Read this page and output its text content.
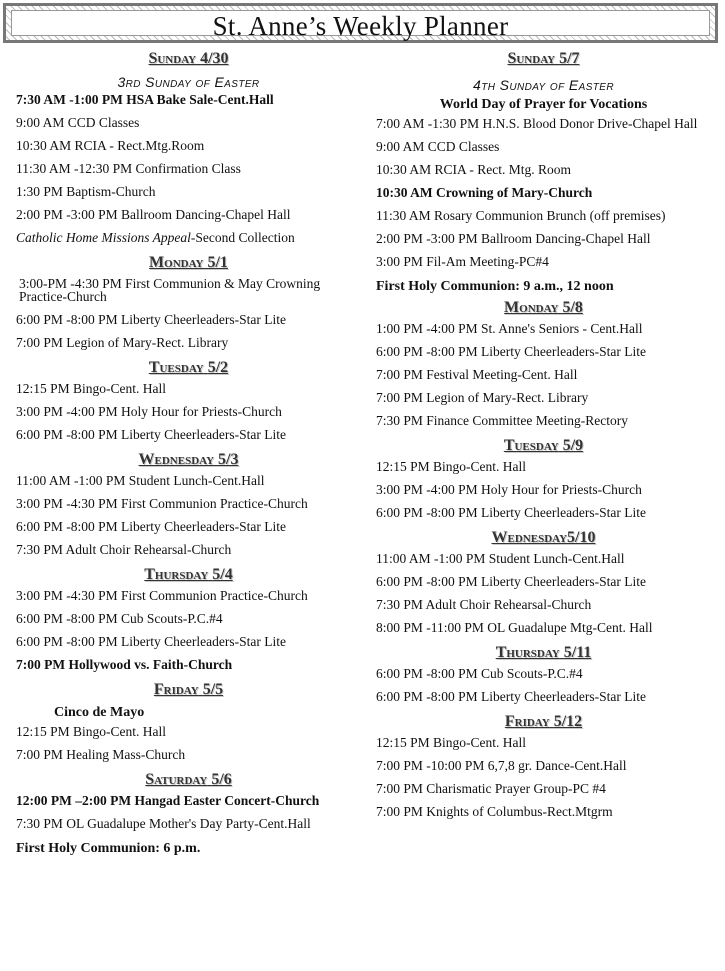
St. Anne’s Weekly Planner
Sunday 4/30
3rd Sunday of Easter
7:30 AM -1:00 PM HSA Bake Sale-Cent.Hall
9:00 AM CCD Classes
10:30 AM RCIA - Rect.Mtg.Room
11:30 AM -12:30 PM Confirmation Class
1:30 PM Baptism-Church
2:00 PM -3:00 PM Ballroom Dancing-Chapel Hall
Catholic Home Missions Appeal-Second Collection
Monday 5/1
3:00-PM -4:30 PM First Communion & May Crowning      Practice-Church
6:00 PM -8:00 PM Liberty Cheerleaders-Star Lite
7:00 PM Legion of Mary-Rect. Library
Tuesday 5/2
12:15 PM Bingo-Cent. Hall
3:00 PM -4:00 PM Holy Hour for Priests-Church
6:00 PM -8:00 PM Liberty Cheerleaders-Star Lite
Wednesday 5/3
11:00 AM -1:00 PM Student Lunch-Cent.Hall
3:00 PM -4:30 PM First Communion Practice-Church
6:00 PM -8:00 PM Liberty Cheerleaders-Star Lite
7:30 PM Adult Choir Rehearsal-Church
Thursday 5/4
3:00 PM -4:30 PM First Communion Practice-Church
6:00 PM -8:00 PM Cub Scouts-P.C.#4
6:00 PM -8:00 PM Liberty Cheerleaders-Star Lite
7:00 PM Hollywood vs. Faith-Church
Friday 5/5
Cinco de Mayo
12:15 PM Bingo-Cent. Hall
7:00 PM Healing Mass-Church
Saturday 5/6
12:00 PM –2:00 PM Hangad Easter Concert-Church
7:30 PM OL Guadalupe Mother's Day Party-Cent.Hall
First Holy Communion: 6 p.m.
Sunday 5/7
4th Sunday of Easter
World Day of Prayer for Vocations
7:00 AM -1:30 PM H.N.S. Blood Donor Drive-Chapel Hall
9:00 AM CCD Classes
10:30 AM RCIA - Rect. Mtg. Room
10:30 AM Crowning of Mary-Church
11:30 AM Rosary Communion Brunch (off premises)
2:00 PM -3:00 PM Ballroom Dancing-Chapel Hall
3:00 PM Fil-Am Meeting-PC#4
First Holy Communion: 9 a.m., 12 noon
Monday 5/8
1:00 PM -4:00 PM St. Anne's Seniors - Cent.Hall
6:00 PM -8:00 PM Liberty Cheerleaders-Star Lite
7:00 PM Festival Meeting-Cent. Hall
7:00 PM Legion of Mary-Rect. Library
7:30 PM Finance Committee Meeting-Rectory
Tuesday 5/9
12:15 PM Bingo-Cent. Hall
3:00 PM -4:00 PM Holy Hour for Priests-Church
6:00 PM -8:00 PM Liberty Cheerleaders-Star Lite
Wednesday5/10
11:00 AM -1:00 PM Student Lunch-Cent.Hall
6:00 PM -8:00 PM Liberty Cheerleaders-Star Lite
7:30 PM Adult Choir Rehearsal-Church
8:00 PM -11:00 PM OL Guadalupe Mtg-Cent. Hall
Thursday 5/11
6:00 PM -8:00 PM Cub Scouts-P.C.#4
6:00 PM -8:00 PM Liberty Cheerleaders-Star Lite
Friday 5/12
12:15 PM Bingo-Cent. Hall
7:00 PM -10:00 PM 6,7,8 gr. Dance-Cent.Hall
7:00 PM Charismatic Prayer Group-PC #4
7:00 PM Knights of Columbus-Rect.Mtgrm
